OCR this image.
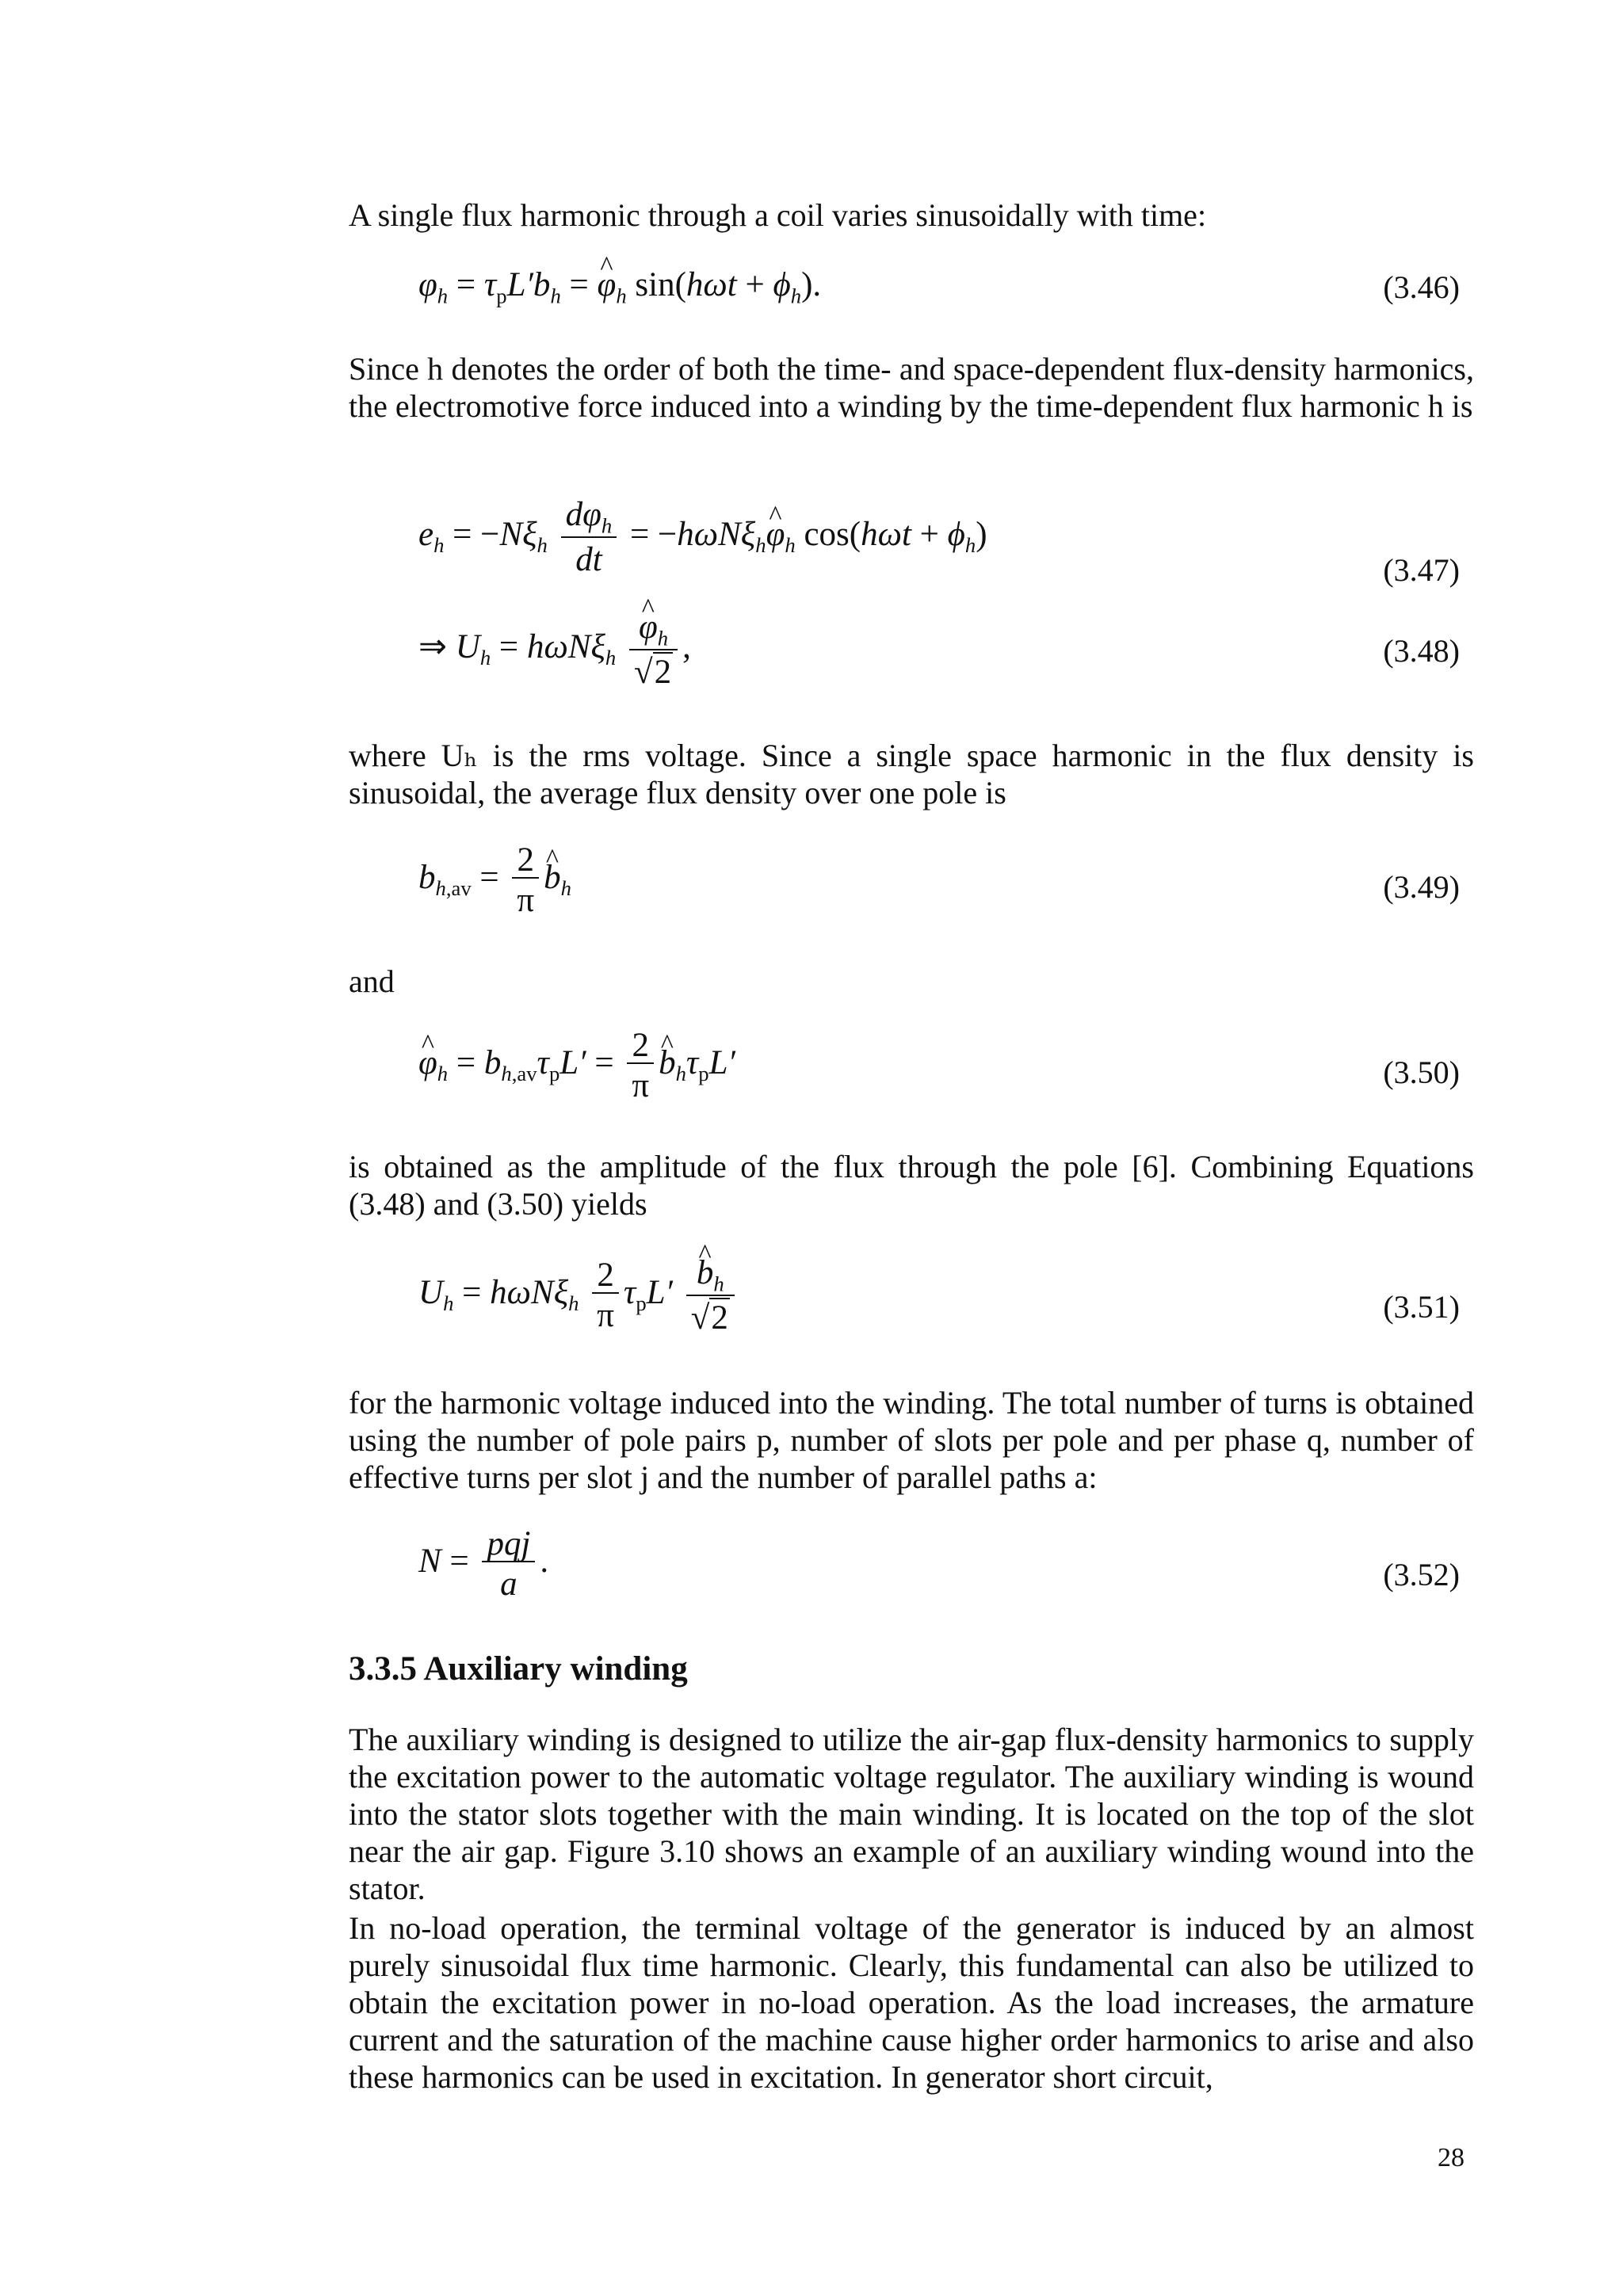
A single flux harmonic through a coil varies sinusoidally with time:
$\varphi_h = \tau_pL'b_h$ = ^ $\varphi_h$ $\sin(h\omega t + \phi_h)$.	(3.46)
Since h denotes the order of both the time- and space-dependent flux-density harmonics, the electromotive force induced into a winding by the time-dependent flux harmonic h is
$e_h = -N\xi_h \frac{d\varphi_h}{dt}$ = −hωNξ$_h$^ $\varphi_h$ $\cos(h\omega t + \phi_h)$
(3.47)
⇒ $U_h = h\omega N\xi_h$ ^ $\frac{\varphi_h}{√2}$ ,	(3.48)
where Uₕ is the rms voltage. Since a single space harmonic in the flux density is sinusoidal, the average flux density over one pole is
$b_{h,av} = \frac{2}{\pi}$ ^ $b_h$	(3.49)
and
^ $\varphi_h = b_{h,av}\tau_pL' = \frac{2}{\pi}$ ^ $b_h\tau_pL'$	(3.50)
is obtained as the amplitude of the flux through the pole [6]. Combining Equations (3.48) and (3.50) yields
$U_h = h\omega N\xi_h \frac{2}{\pi} \tau_pL'$ ^ $\frac{b_h}{√2}$	(3.51)
for the harmonic voltage induced into the winding. The total number of turns is obtained using the number of pole pairs p, number of slots per pole and per phase q, number of effective turns per slot j and the number of parallel paths a:
$N = \frac{\text{pqj}}{a}$ .	(3.52)
3.3.5 Auxiliary winding
The auxiliary winding is designed to utilize the air-gap flux-density harmonics to supply the excitation power to the automatic voltage regulator. The auxiliary winding is wound into the stator slots together with the main winding. It is located on the top of the slot near the air gap. Figure 3.10 shows an example of an auxiliary winding wound into the stator.
In no-load operation, the terminal voltage of the generator is induced by an almost purely sinusoidal flux time harmonic. Clearly, this fundamental can also be utilized to obtain the excitation power in no-load operation. As the load increases, the armature current and the saturation of the machine cause higher order harmonics to arise and also these harmonics can be used in excitation. In generator short circuit,
28
